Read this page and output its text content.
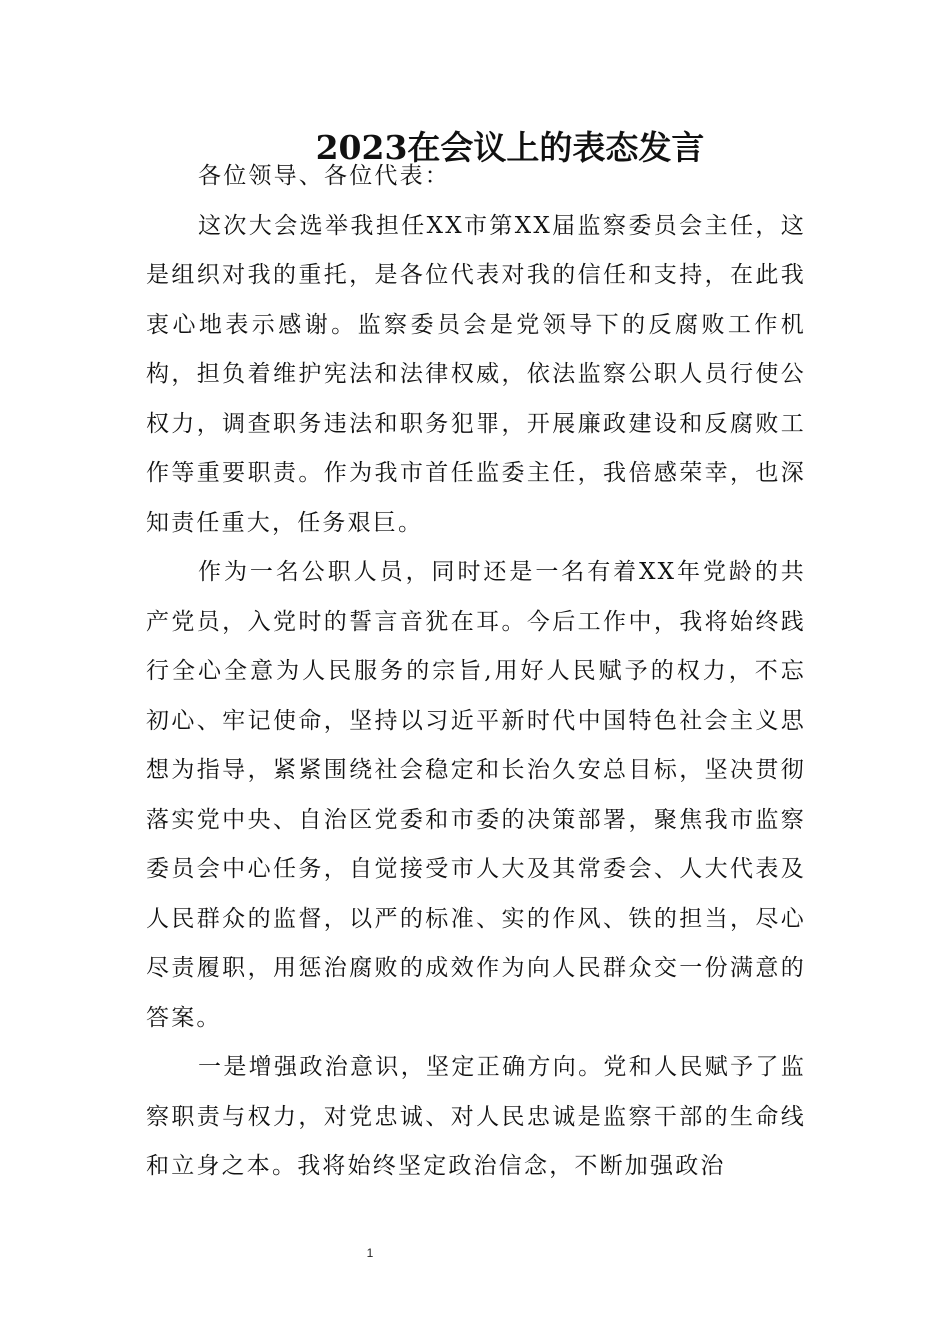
2023在会议上的表态发言

各位领导、各位代表：

这次大会选举我担任XX市第XX届监察委员会主任，这是组织对我的重托，是各位代表对我的信任和支持，在此我衷心地表示感谢。监察委员会是党领导下的反腐败工作机构，担负着维护宪法和法律权威，依法监察公职人员行使公权力，调查职务违法和职务犯罪，开展廉政建设和反腐败工作等重要职责。作为我市首任监委主任，我倍感荣幸，也深知责任重大，任务艰巨。

作为一名公职人员，同时还是一名有着XX年党龄的共产党员，入党时的誓言音犹在耳。今后工作中，我将始终践行全心全意为人民服务的宗旨,用好人民赋予的权力，不忘初心、牢记使命，坚持以习近平新时代中国特色社会主义思想为指导，紧紧围绕社会稳定和长治久安总目标，坚决贯彻落实党中央、自治区党委和市委的决策部署，聚焦我市监察委员会中心任务，自觉接受市人大及其常委会、人大代表及人民群众的监督，以严的标准、实的作风、铁的担当，尽心尽责履职，用惩治腐败的成效作为向人民群众交一份满意的答案。

一是增强政治意识，坚定正确方向。党和人民赋予了监察职责与权力，对党忠诚、对人民忠诚是监察干部的生命线和立身之本。我将始终坚定政治信念，不断加强政治

1
